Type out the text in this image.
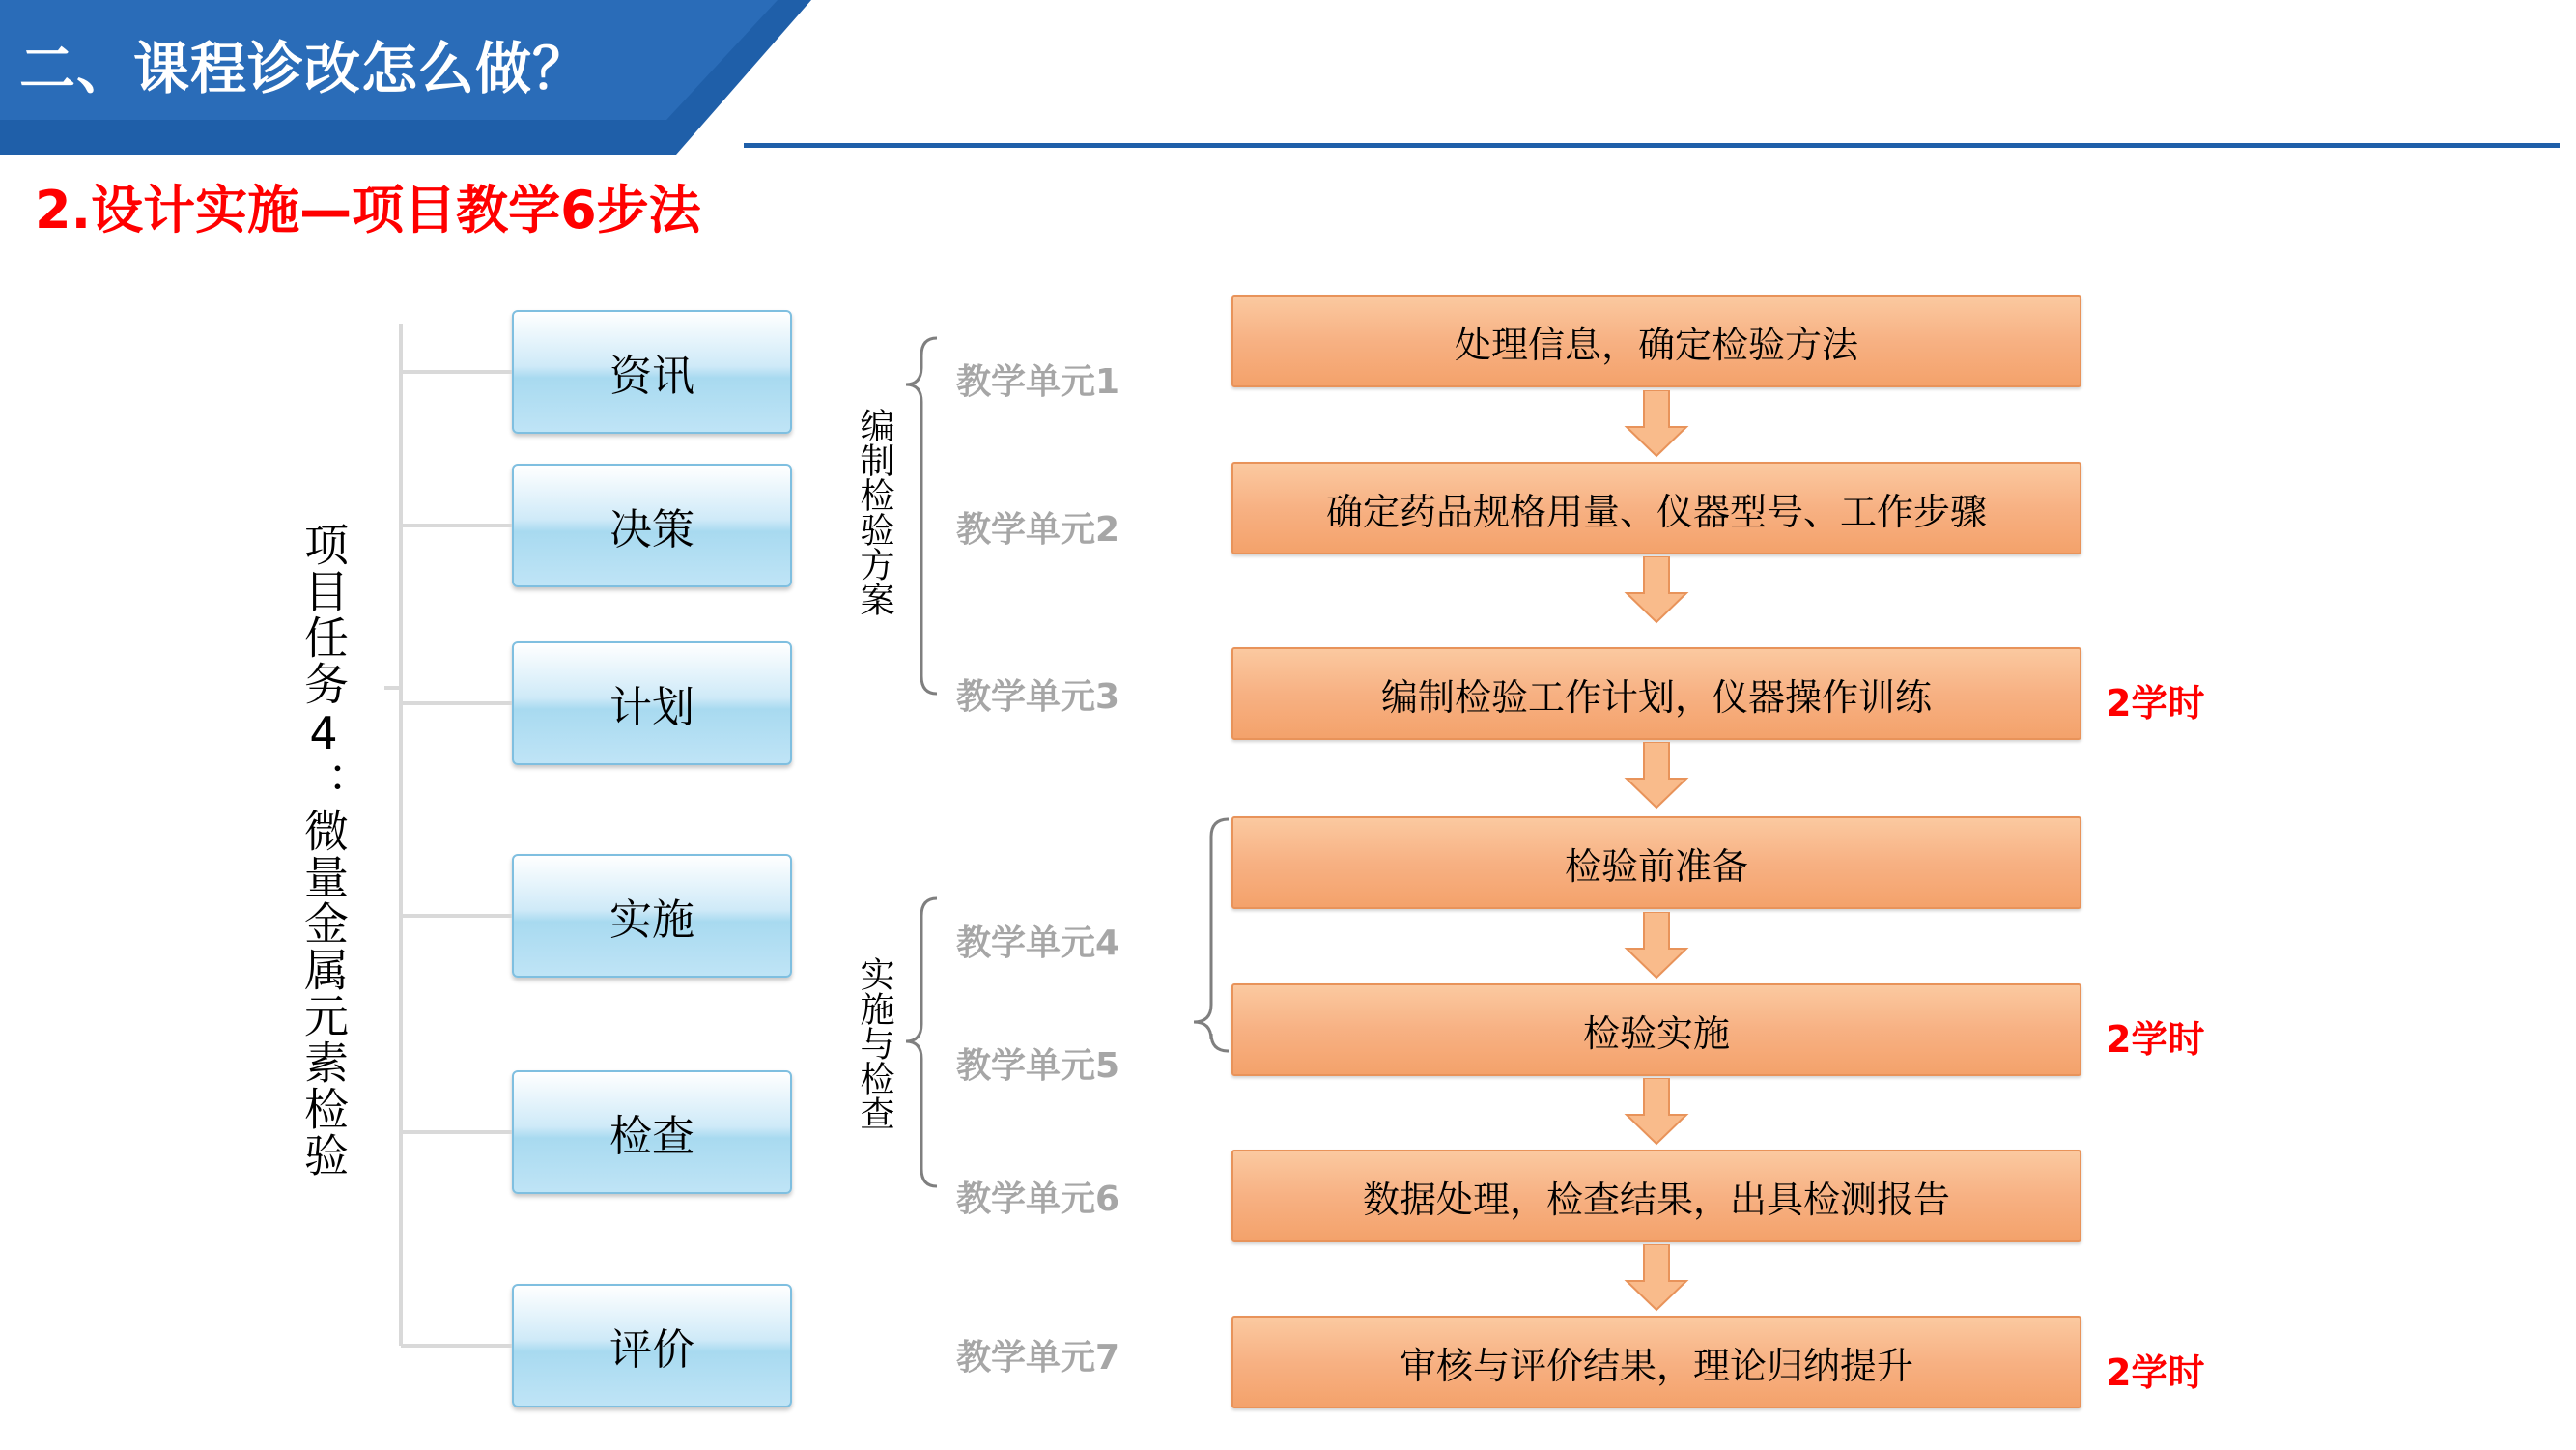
二、课程诊改怎么做？
2.设计实施—项目教学6步法
项目任务4：微量金属元素检验
资讯
决策
计划
实施
检查
评价
编制检验方案
实施与检查
教学单元1
教学单元2
教学单元3
教学单元4
教学单元5
教学单元6
教学单元7
处理信息，确定检验方法
确定药品规格用量、仪器型号、工作步骤
编制检验工作计划，仪器操作训练
检验前准备
检验实施
数据处理，检查结果，出具检测报告
审核与评价结果，理论归纳提升
2学时
2学时
2学时
